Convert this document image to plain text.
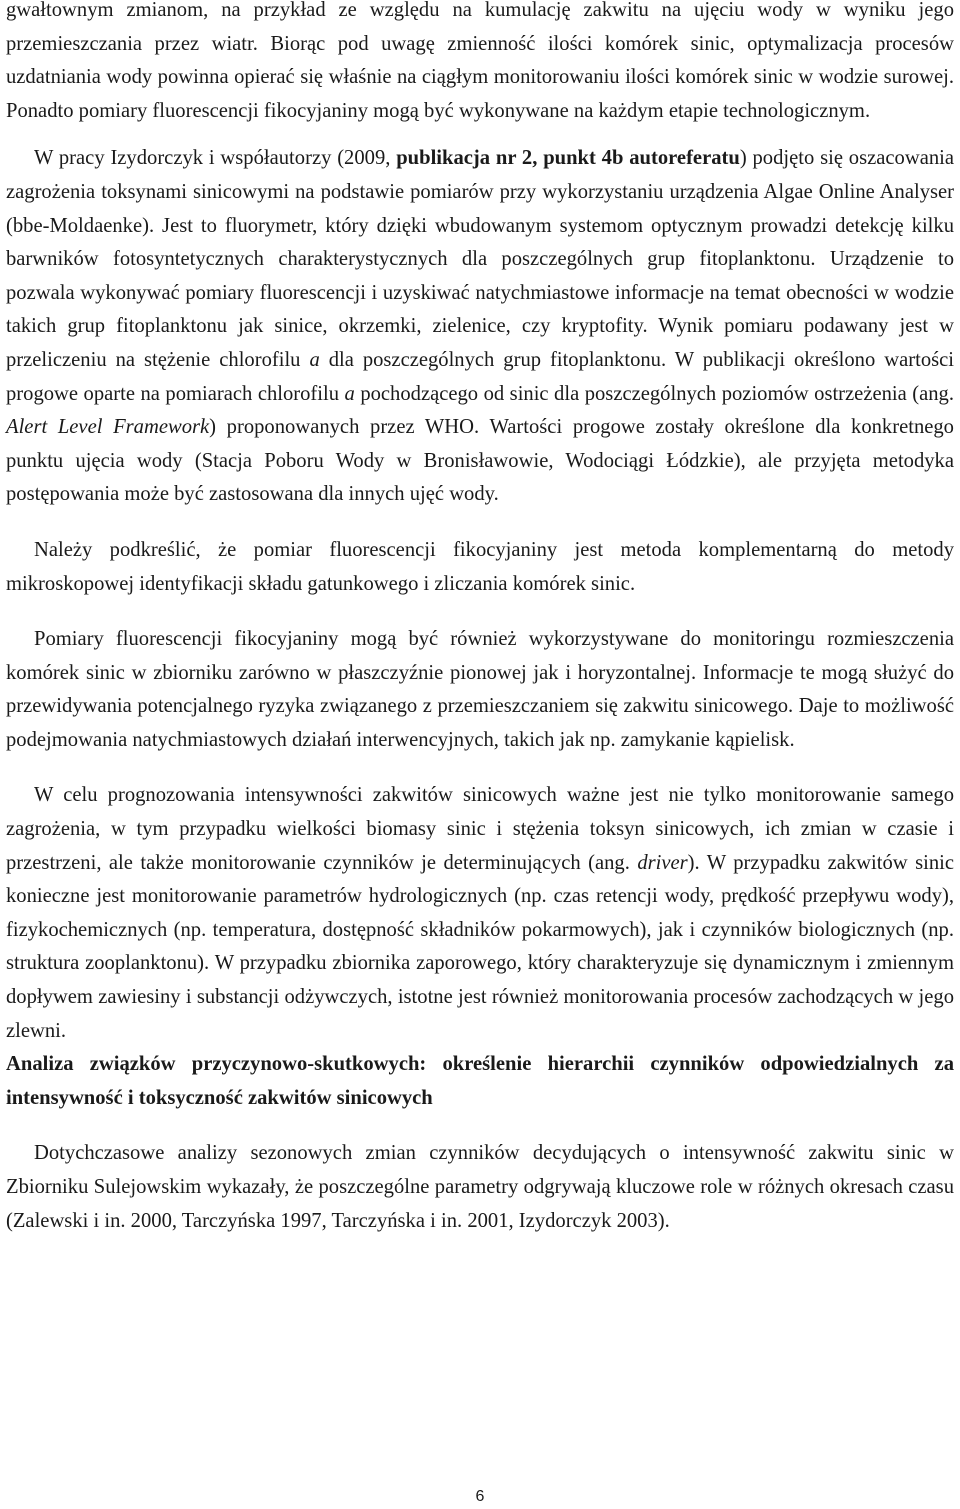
gwałtownym zmianom, na przykład ze względu na kumulację zakwitu na ujęciu wody w wyniku jego przemieszczania przez wiatr. Biorąc pod uwagę zmienność ilości komórek sinic, optymalizacja procesów uzdatniania wody powinna opierać się właśnie na ciągłym monitorowaniu ilości komórek sinic w wodzie surowej. Ponadto pomiary fluorescencji fikocyjaniny mogą być wykonywane na każdym etapie technologicznym.

W pracy Izydorczyk i współautorzy (2009, publikacja nr 2, punkt 4b autoreferatu) podjęto się oszacowania zagrożenia toksynami sinicowymi na podstawie pomiarów przy wykorzystaniu urządzenia Algae Online Analyser (bbe-Moldaenke). Jest to fluorymetr, który dzięki wbudowanym systemom optycznym prowadzi detekcję kilku barwników fotosyntetycznych charakterystycznych dla poszczególnych grup fitoplanktonu. Urządzenie to pozwala wykonywać pomiary fluorescencji i uzyskiwać natychmiastowe informacje na temat obecności w wodzie takich grup fitoplanktonu jak sinice, okrzemki, zielenice, czy kryptofity. Wynik pomiaru podawany jest w przeliczeniu na stężenie chlorofilu a dla poszczególnych grup fitoplanktonu. W publikacji określono wartości progowe oparte na pomiarach chlorofilu a pochodzącego od sinic dla poszczególnych poziomów ostrzeżenia (ang. Alert Level Framework) proponowanych przez WHO. Wartości progowe zostały określone dla konkretnego punktu ujęcia wody (Stacja Poboru Wody w Bronisławowie, Wodociągi Łódzkie), ale przyjęta metodyka postępowania może być zastosowana dla innych ujęć wody.

Należy podkreślić, że pomiar fluorescencji fikocyjaniny jest metoda komplementarną do metody mikroskopowej identyfikacji składu gatunkowego i zliczania komórek sinic.

Pomiary fluorescencji fikocyjaniny mogą być również wykorzystywane do monitoringu rozmieszczenia komórek sinic w zbiorniku zarówno w płaszczyźnie pionowej jak i horyzontalnej. Informacje te mogą służyć do przewidywania potencjalnego ryzyka związanego z przemieszczaniem się zakwitu sinicowego. Daje to możliwość podejmowania natychmiastowych działań interwencyjnych, takich jak np. zamykanie kąpielisk.

W celu prognozowania intensywności zakwitów sinicowych ważne jest nie tylko monitorowanie samego zagrożenia, w tym przypadku wielkości biomasy sinic i stężenia toksyn sinicowych, ich zmian w czasie i przestrzeni, ale także monitorowanie czynników je determinujących (ang. driver). W przypadku zakwitów sinic konieczne jest monitorowanie parametrów hydrologicznych (np. czas retencji wody, prędkość przepływu wody), fizykochemicznych (np. temperatura, dostępność składników pokarmowych), jak i czynników biologicznych (np. struktura zooplanktonu). W przypadku zbiornika zaporowego, który charakteryzuje się dynamicznym i zmiennym dopływem zawiesiny i substancji odżywczych, istotne jest również monitorowania procesów zachodzących w jego zlewni.

Analiza związków przyczynowo-skutkowych: określenie hierarchii czynników odpowiedzialnych za intensywność i toksyczność zakwitów sinicowych

Dotychczasowe analizy sezonowych zmian czynników decydujących o intensywność zakwitu sinic w Zbiorniku Sulejowskim wykazały, że poszczególne parametry odgrywają kluczowe role w różnych okresach czasu (Zalewski i in. 2000, Tarczyńska 1997, Tarczyńska i in. 2001, Izydorczyk 2003).

6
